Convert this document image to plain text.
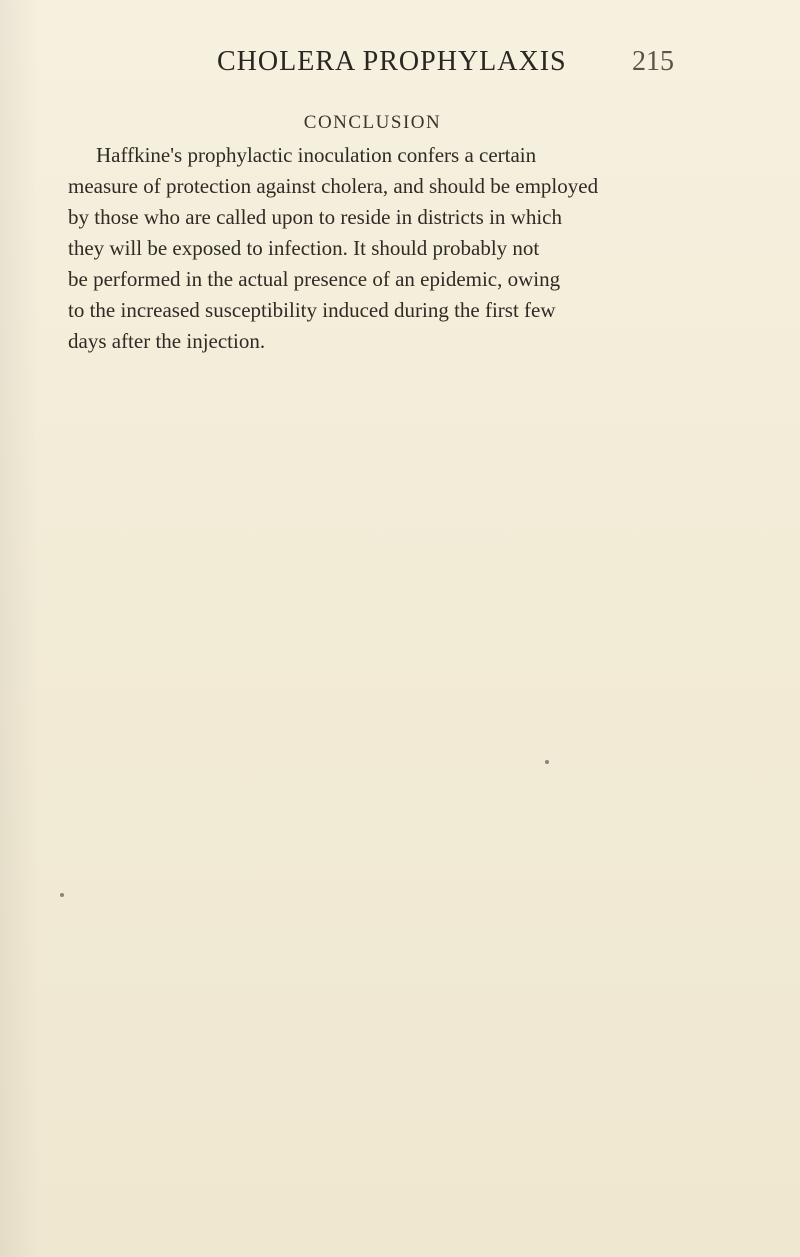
CHOLERA PROPHYLAXIS 215
CONCLUSION
Haffkine's prophylactic inoculation confers a certain
measure of protection against cholera, and should be employed
by those who are called upon to reside in districts in which
they will be exposed to infection. It should probably not
be performed in the actual presence of an epidemic, owing
to the increased susceptibility induced during the first few
days after the injection.
